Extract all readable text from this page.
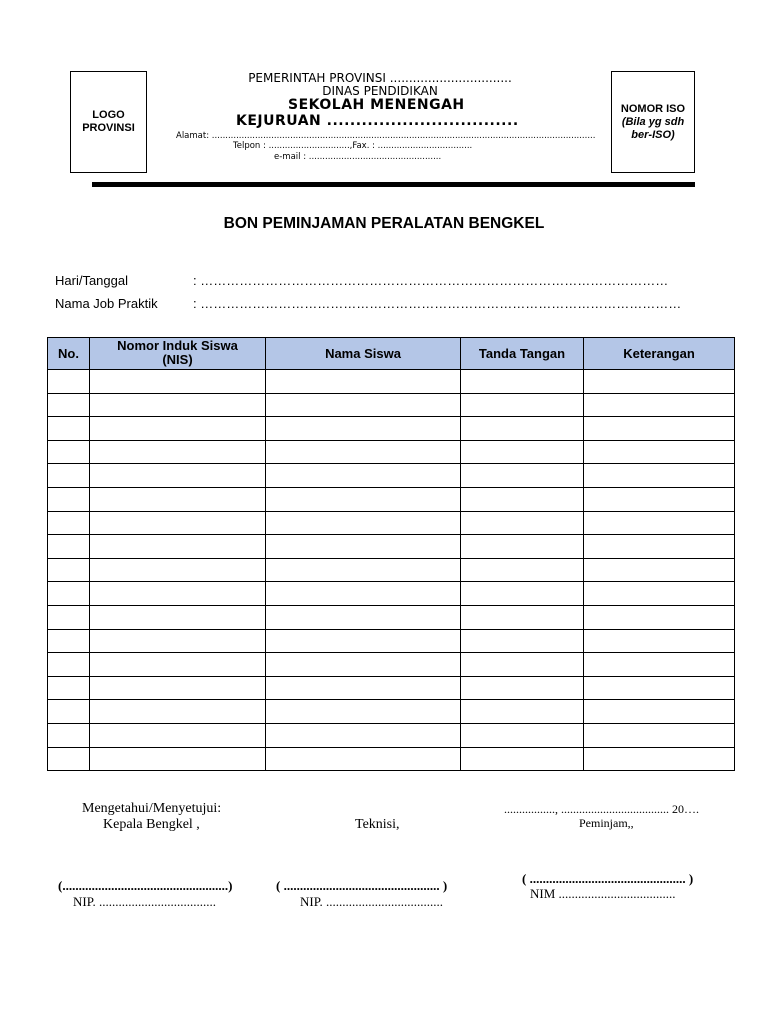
LOGO PROVINSI
PEMERINTAH PROVINSI ................................
DINAS PENDIDIKAN
SEKOLAH MENENGAH
KEJURUAN .................................
Alamat: ..............................................................................................................................................
Telpon : ..............................,Fax. : ...................................
e-mail : .................................................
NOMOR ISO (Bila yg sdh ber-ISO)
BON PEMINJAMAN PERALATAN BENGKEL
Hari/Tanggal	: ………………………………………………………………………………………………
Nama Job Praktik	: …………………………………………………………………………………………………
No.	Nomor Induk Siswa (NIS)	Nama Siswa	Tanda Tangan	Keterangan

Mengetahui/Menyetujui:
Kepala Bengkel ,	Teknisi,
................., .................................... 20….
Peminjam,,
(...................................................)
NIP. ....................................
( ................................................ )
NIP. ....................................
( ................................................ )
NIM ....................................
